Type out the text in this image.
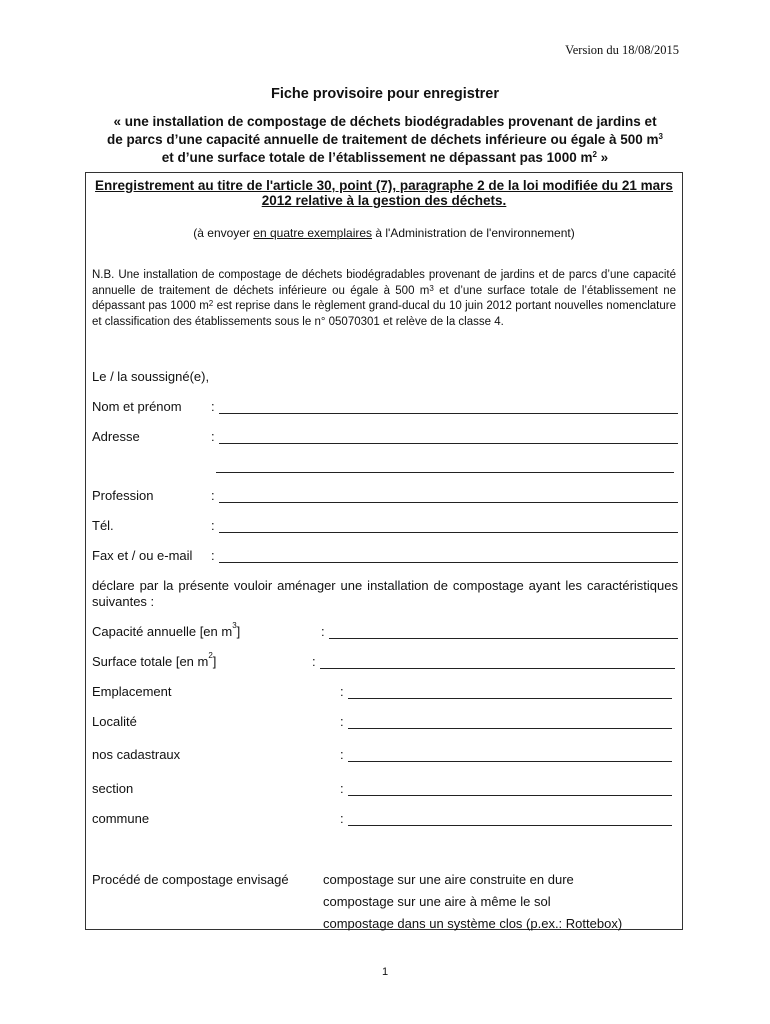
Version du 18/08/2015
Fiche provisoire pour enregistrer
« une installation de compostage de déchets biodégradables provenant de jardins et
de parcs d’une capacité annuelle de traitement de déchets inférieure ou égale à 500 $m^3$
et d’une surface totale de l’établissement ne dépassant pas 1000 $m^2$ »
Enregistrement au titre de l'article 30, point (7), paragraphe 2 de la loi modifiée du 21 mars 2012 relative à la gestion des déchets.
(à envoyer en quatre exemplaires à l'Administration de l'environnement)
N.B. Une installation de compostage de déchets biodégradables provenant de jardins et de parcs d’une capacité annuelle de traitement de déchets inférieure ou égale à 500 $m^3$ et d’une surface totale de l’établissement ne dépassant pas 1000 $m^2$ est reprise dans le règlement grand-ducal du 10 juin 2012 portant nouvelles nomenclature et classification des établissements sous le n° 05070301 et relève de la classe 4.
Le / la soussigné(e),
Nom et prénom :
Adresse	:
Profession	:
Tél.	:
Fax et / ou e-mail :
déclare par la présente vouloir aménager une installation de compostage ayant les caractéristiques suivantes :
Capacité annuelle [en $m^3$]	:
Surface totale [en $m^2$]	:
Emplacement	:
Localité	:
nos cadastraux	:
section	:
commune	:
Procédé de compostage envisagé	compostage sur une aire construite en dure
compostage sur une aire à même le sol
compostage dans un système clos (p.ex.: Rottebox)
1
